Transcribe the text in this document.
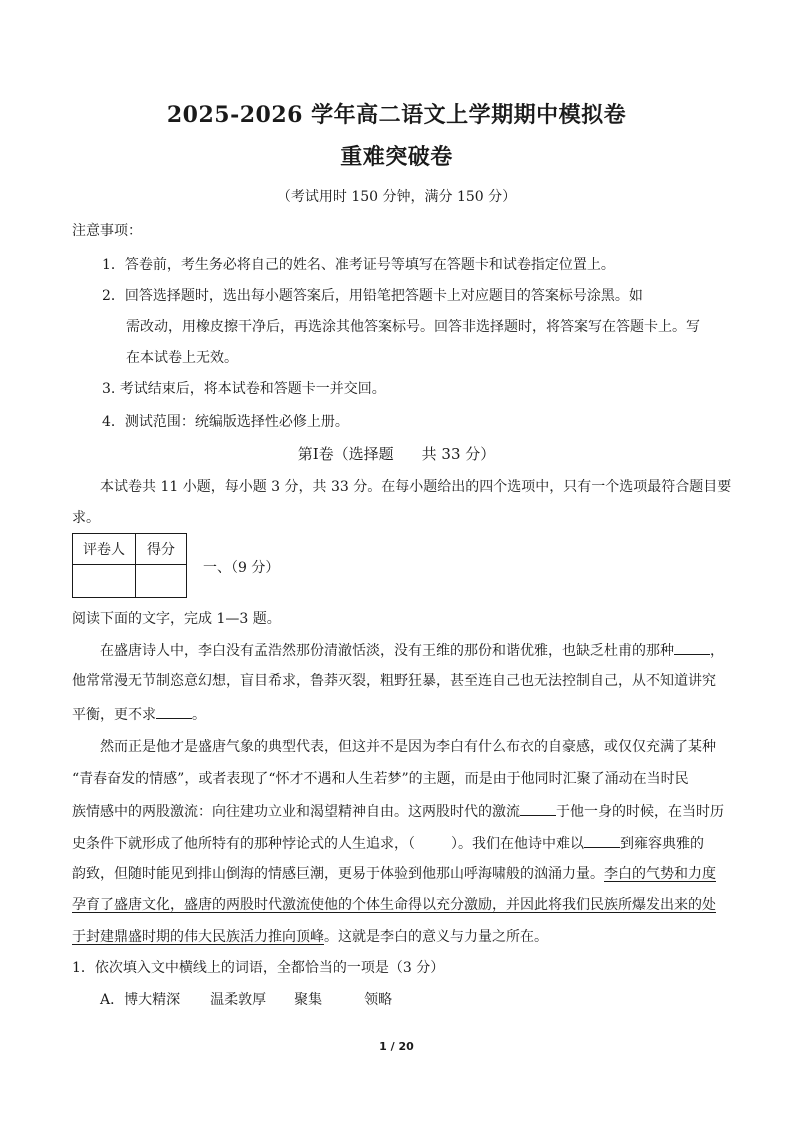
2025-2026 学年高二语文上学期期中模拟卷
重难突破卷
（考试用时 150 分钟，满分 150 分）
注意事项：
1．答卷前，考生务必将自己的姓名、准考证号等填写在答题卡和试卷指定位置上。
2．回答选择题时，选出每小题答案后，用铅笔把答题卡上对应题目的答案标号涂黑。如
需改动，用橡皮擦干净后，再选涂其他答案标号。回答非选择题时，将答案写在答题卡上。写
在本试卷上无效。
3. 考试结束后，将本试卷和答题卡一并交回。
4．测试范围：统编版选择性必修上册。
第Ⅰ卷（选择题 共 33 分）
本试卷共 11 小题，每小题 3 分，共 33 分。在每小题给出的四个选项中，只有一个选项最符合题目要
求。
评卷人	得分

一、（9 分）
阅读下面的文字，完成 1—3 题。
在盛唐诗人中，李白没有孟浩然那份清澈恬淡，没有王维的那份和谐优雅，也缺乏杜甫的那种	，
他常常漫无节制恣意幻想，盲目希求，鲁莽灭裂，粗野狂暴，甚至连自己也无法控制自己，从不知道讲究
平衡，更不求	。
然而正是他才是盛唐气象的典型代表，但这并不是因为李白有什么布衣的自豪感，或仅仅充满了某种
“青春奋发的情感”，或者表现了“怀才不遇和人生若梦”的主题，而是由于他同时汇聚了涌动在当时民
族情感中的两股激流：向往建功立业和渴望精神自由。这两股时代的激流	于他一身的时候，在当时历
史条件下就形成了他所特有的那种悖论式的人生追求，（	）。我们在他诗中难以	到雍容典雅的
韵致，但随时能见到排山倒海的情感巨潮，更易于体验到他那山呼海啸般的汹涌力量。李白的气势和力度
孕育了盛唐文化，盛唐的两股时代激流使他的个体生命得以充分激励，并因此将我们民族所爆发出来的处
于封建鼎盛时期的伟大民族活力推向顶峰。这就是李白的意义与力量之所在。
1．依次填入文中横线上的词语，全都恰当的一项是（3 分）
A．博大精深 温柔敦厚 聚集	领略
1 / 20
